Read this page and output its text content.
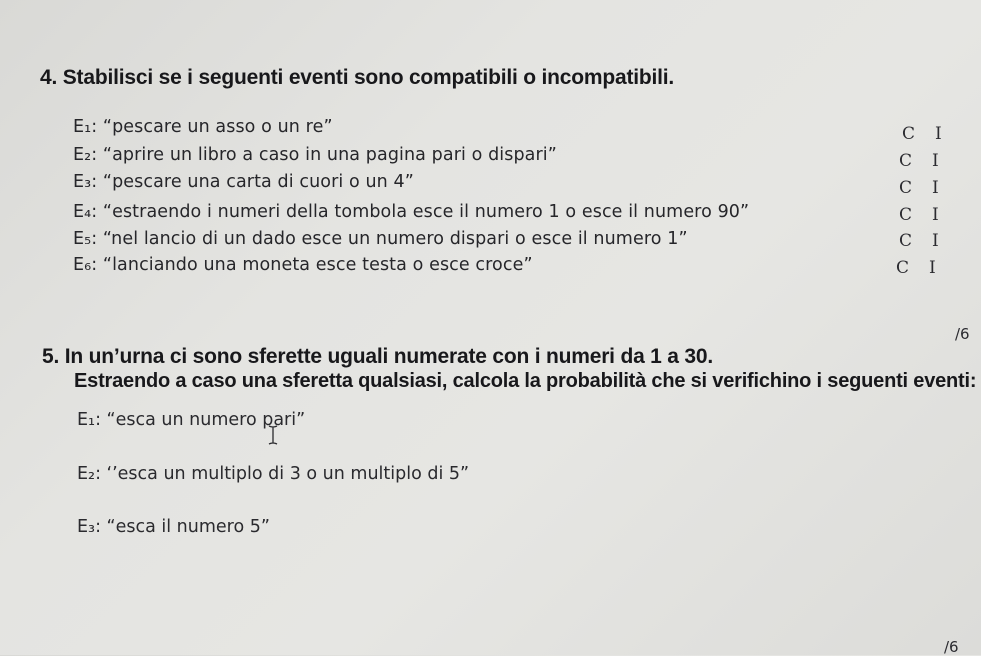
4. Stabilisci se i seguenti eventi sono compatibili o incompatibili.
E₁: “pescare un asso o un re”
E₂: “aprire un libro a caso in una pagina pari o dispari”
E₃: “pescare una carta di cuori o un 4”
E₄: “estraendo i numeri della tombola esce il numero 1 o esce il numero 90”
E₅: “nel lancio di un dado esce un numero dispari o esce il numero 1”
E₆: “lanciando una moneta esce testa o esce croce”
C I
C I
C I
C I
C I
C I
/6
5. In un’urna ci sono sferette uguali numerate con i numeri da 1 a 30.
Estraendo a caso una sferetta qualsiasi, calcola la probabilità che si verifichino i seguenti eventi:
E₁: “esca un numero pari”
E₂: ‘’esca un multiplo di 3 o un multiplo di 5”
E₃: “esca il numero 5”
/6
